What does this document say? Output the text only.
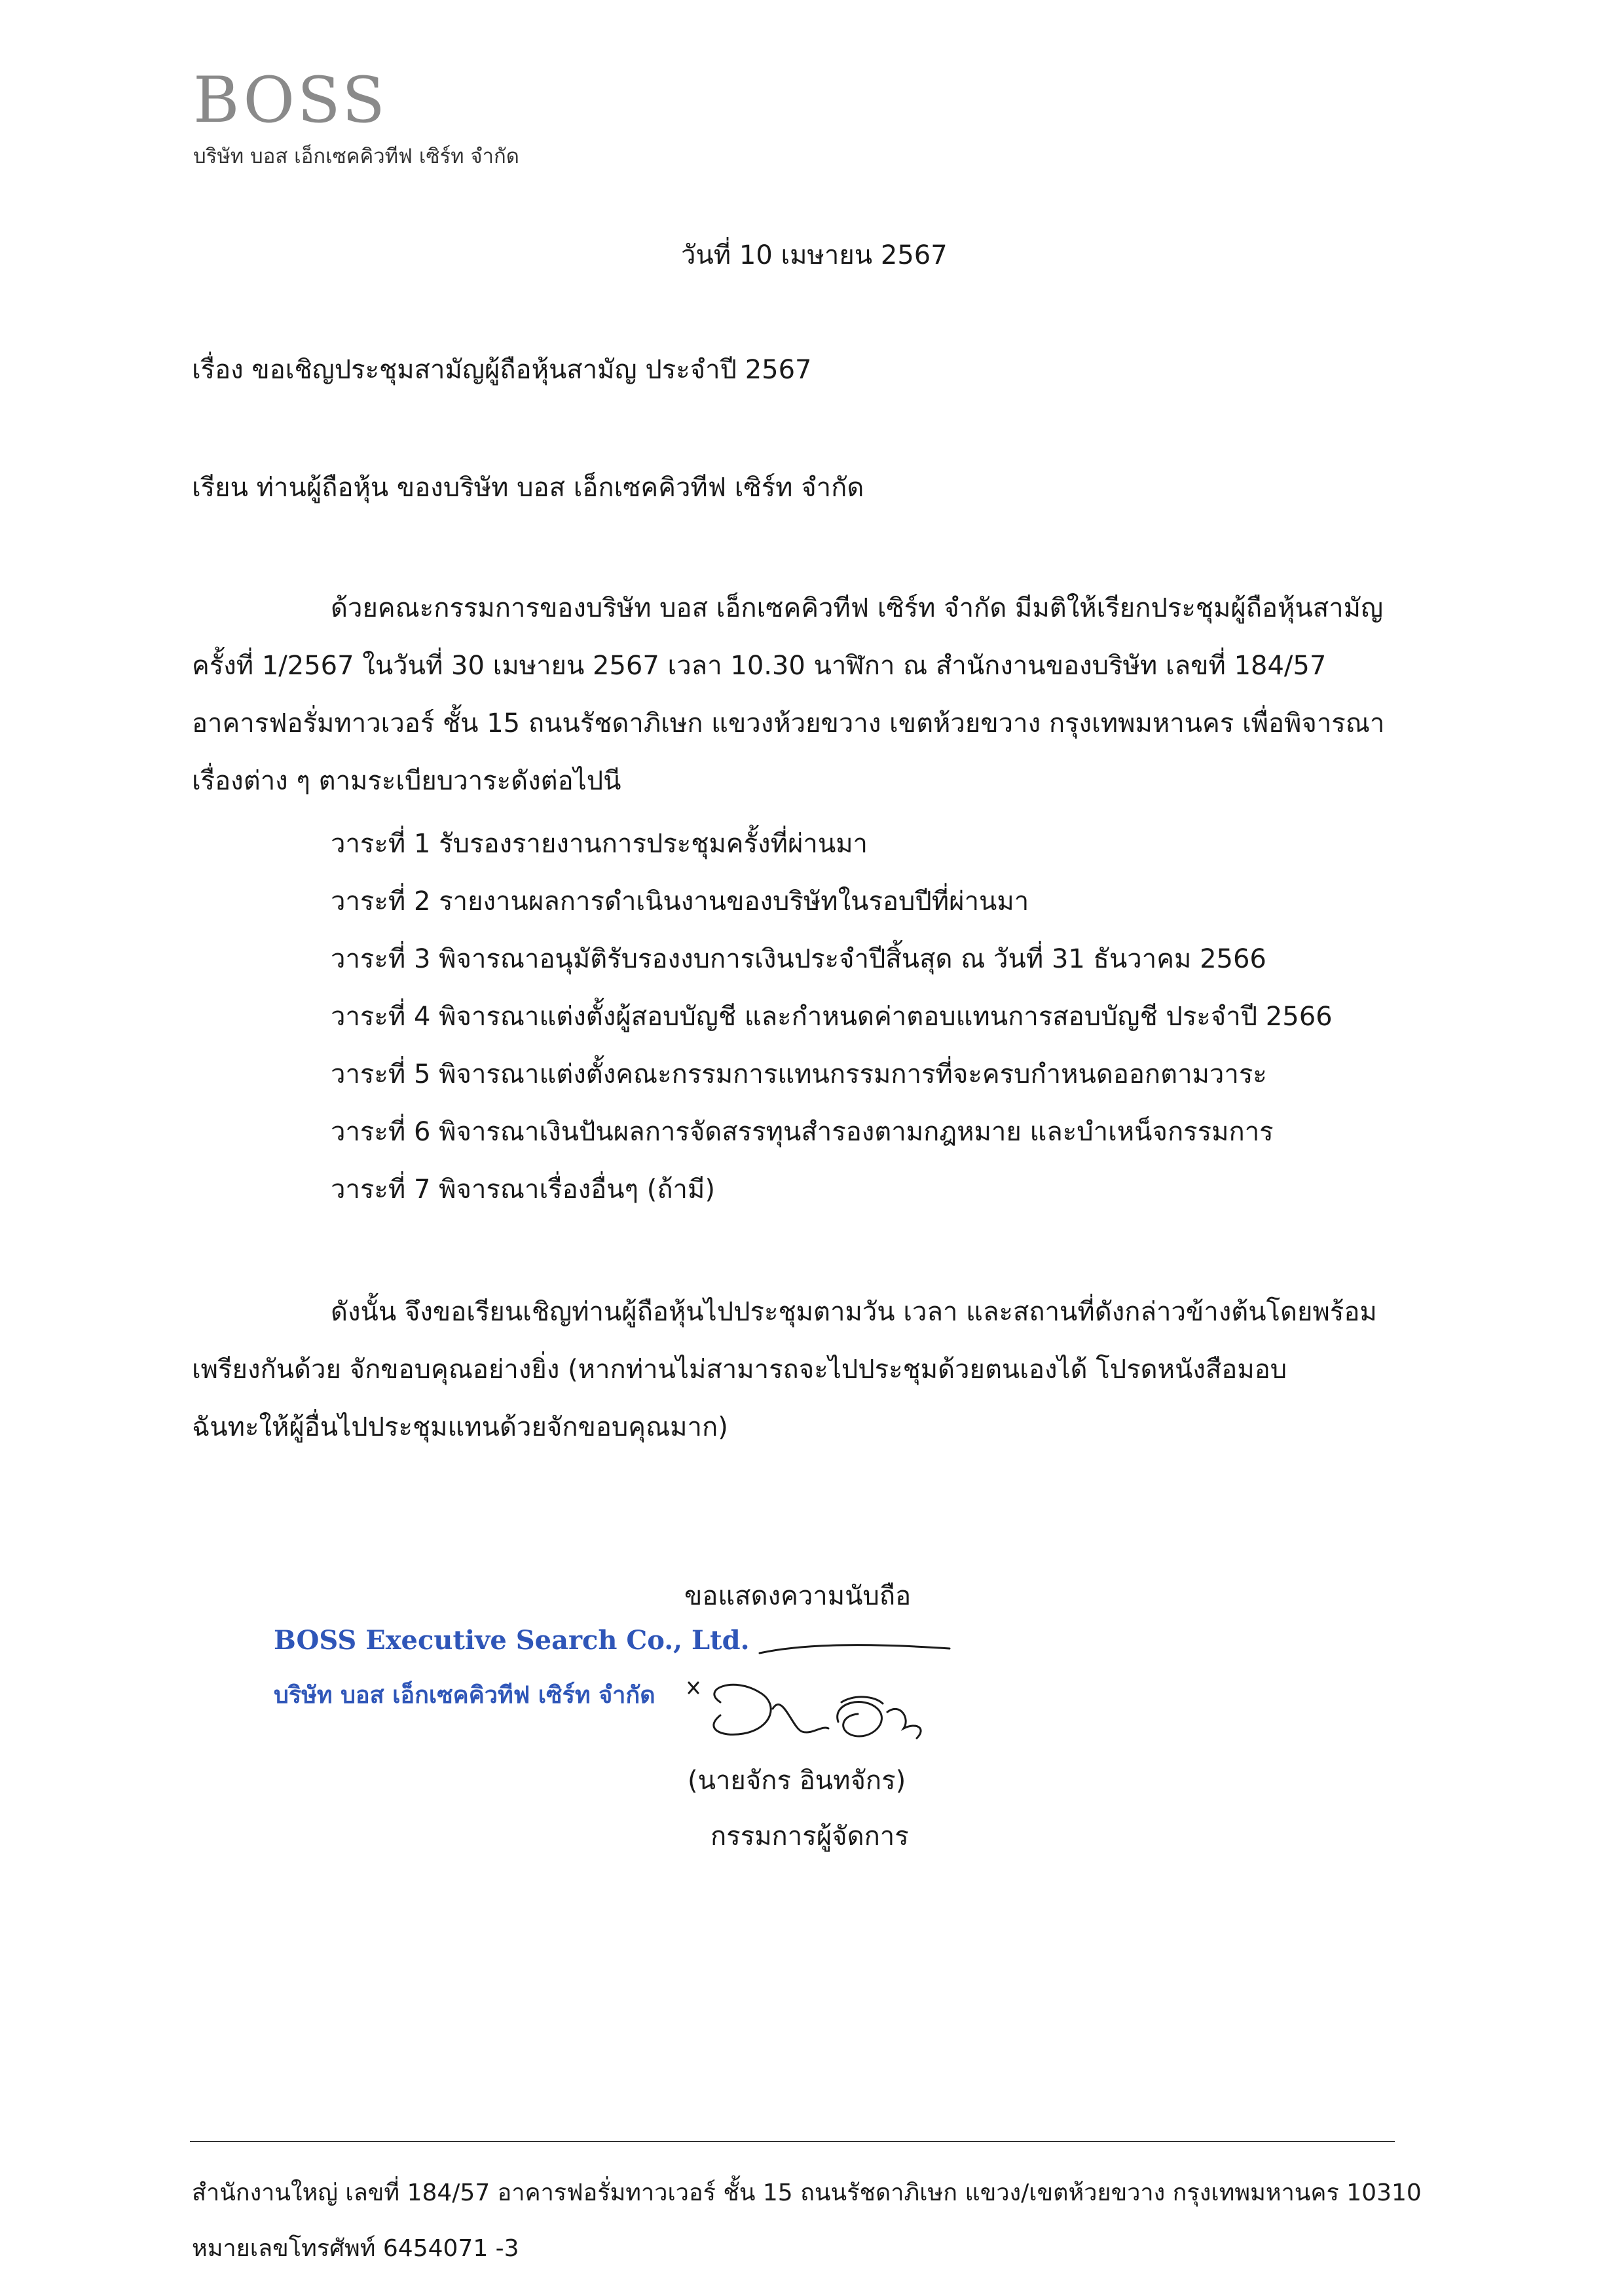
BOSS
บริษัท บอส เอ็กเซคคิวทีฟ เซิร์ท จำกัด
วันที่ 10 เมษายน 2567
เรื่อง ขอเชิญประชุมสามัญผู้ถือหุ้นสามัญ ประจำปี 2567
เรียน ท่านผู้ถือหุ้น ของบริษัท บอส เอ็กเซคคิวทีฟ เซิร์ท จำกัด
ด้วยคณะกรรมการของบริษัท บอส เอ็กเซคคิวทีฟ เซิร์ท จำกัด มีมติให้เรียกประชุมผู้ถือหุ้นสามัญ
ครั้งที่ 1/2567 ในวันที่ 30 เมษายน 2567 เวลา 10.30 นาฬิกา ณ สำนักงานของบริษัท เลขที่ 184/57
อาคารฟอรั่มทาวเวอร์ ชั้น 15 ถนนรัชดาภิเษก แขวงห้วยขวาง เขตห้วยขวาง กรุงเทพมหานคร เพื่อพิจารณา
เรื่องต่าง ๆ ตามระเบียบวาระดังต่อไปนี
วาระที่ 1 รับรองรายงานการประชุมครั้งที่ผ่านมา
วาระที่ 2 รายงานผลการดำเนินงานของบริษัทในรอบปีที่ผ่านมา
วาระที่ 3 พิจารณาอนุมัติรับรองงบการเงินประจำปีสิ้นสุด ณ วันที่ 31 ธันวาคม 2566
วาระที่ 4 พิจารณาแต่งตั้งผู้สอบบัญชี และกำหนดค่าตอบแทนการสอบบัญชี ประจำปี 2566
วาระที่ 5 พิจารณาแต่งตั้งคณะกรรมการแทนกรรมการที่จะครบกำหนดออกตามวาระ
วาระที่ 6 พิจารณาเงินปันผลการจัดสรรทุนสำรองตามกฎหมาย และบำเหน็จกรรมการ
วาระที่ 7 พิจารณาเรื่องอื่นๆ (ถ้ามี)
ดังนั้น จึงขอเรียนเชิญท่านผู้ถือหุ้นไปประชุมตามวัน เวลา และสถานที่ดังกล่าวข้างต้นโดยพร้อม
เพรียงกันด้วย จักขอบคุณอย่างยิ่ง (หากท่านไม่สามารถจะไปประชุมด้วยตนเองได้ โปรดหนังสือมอบ
ฉันทะให้ผู้อื่นไปประชุมแทนด้วยจักขอบคุณมาก)
ขอแสดงความนับถือ
BOSS Executive Search Co., Ltd.
บริษัท บอส เอ็กเซคคิวทีฟ เซิร์ท จำกัด
(นายจักร อินทจักร)
กรรมการผู้จัดการ
สำนักงานใหญ่ เลขที่ 184/57 อาคารฟอรั่มทาวเวอร์ ชั้น 15 ถนนรัชดาภิเษก แขวง/เขตห้วยขวาง กรุงเทพมหานคร 10310
หมายเลขโทรศัพท์ 6454071 -3
